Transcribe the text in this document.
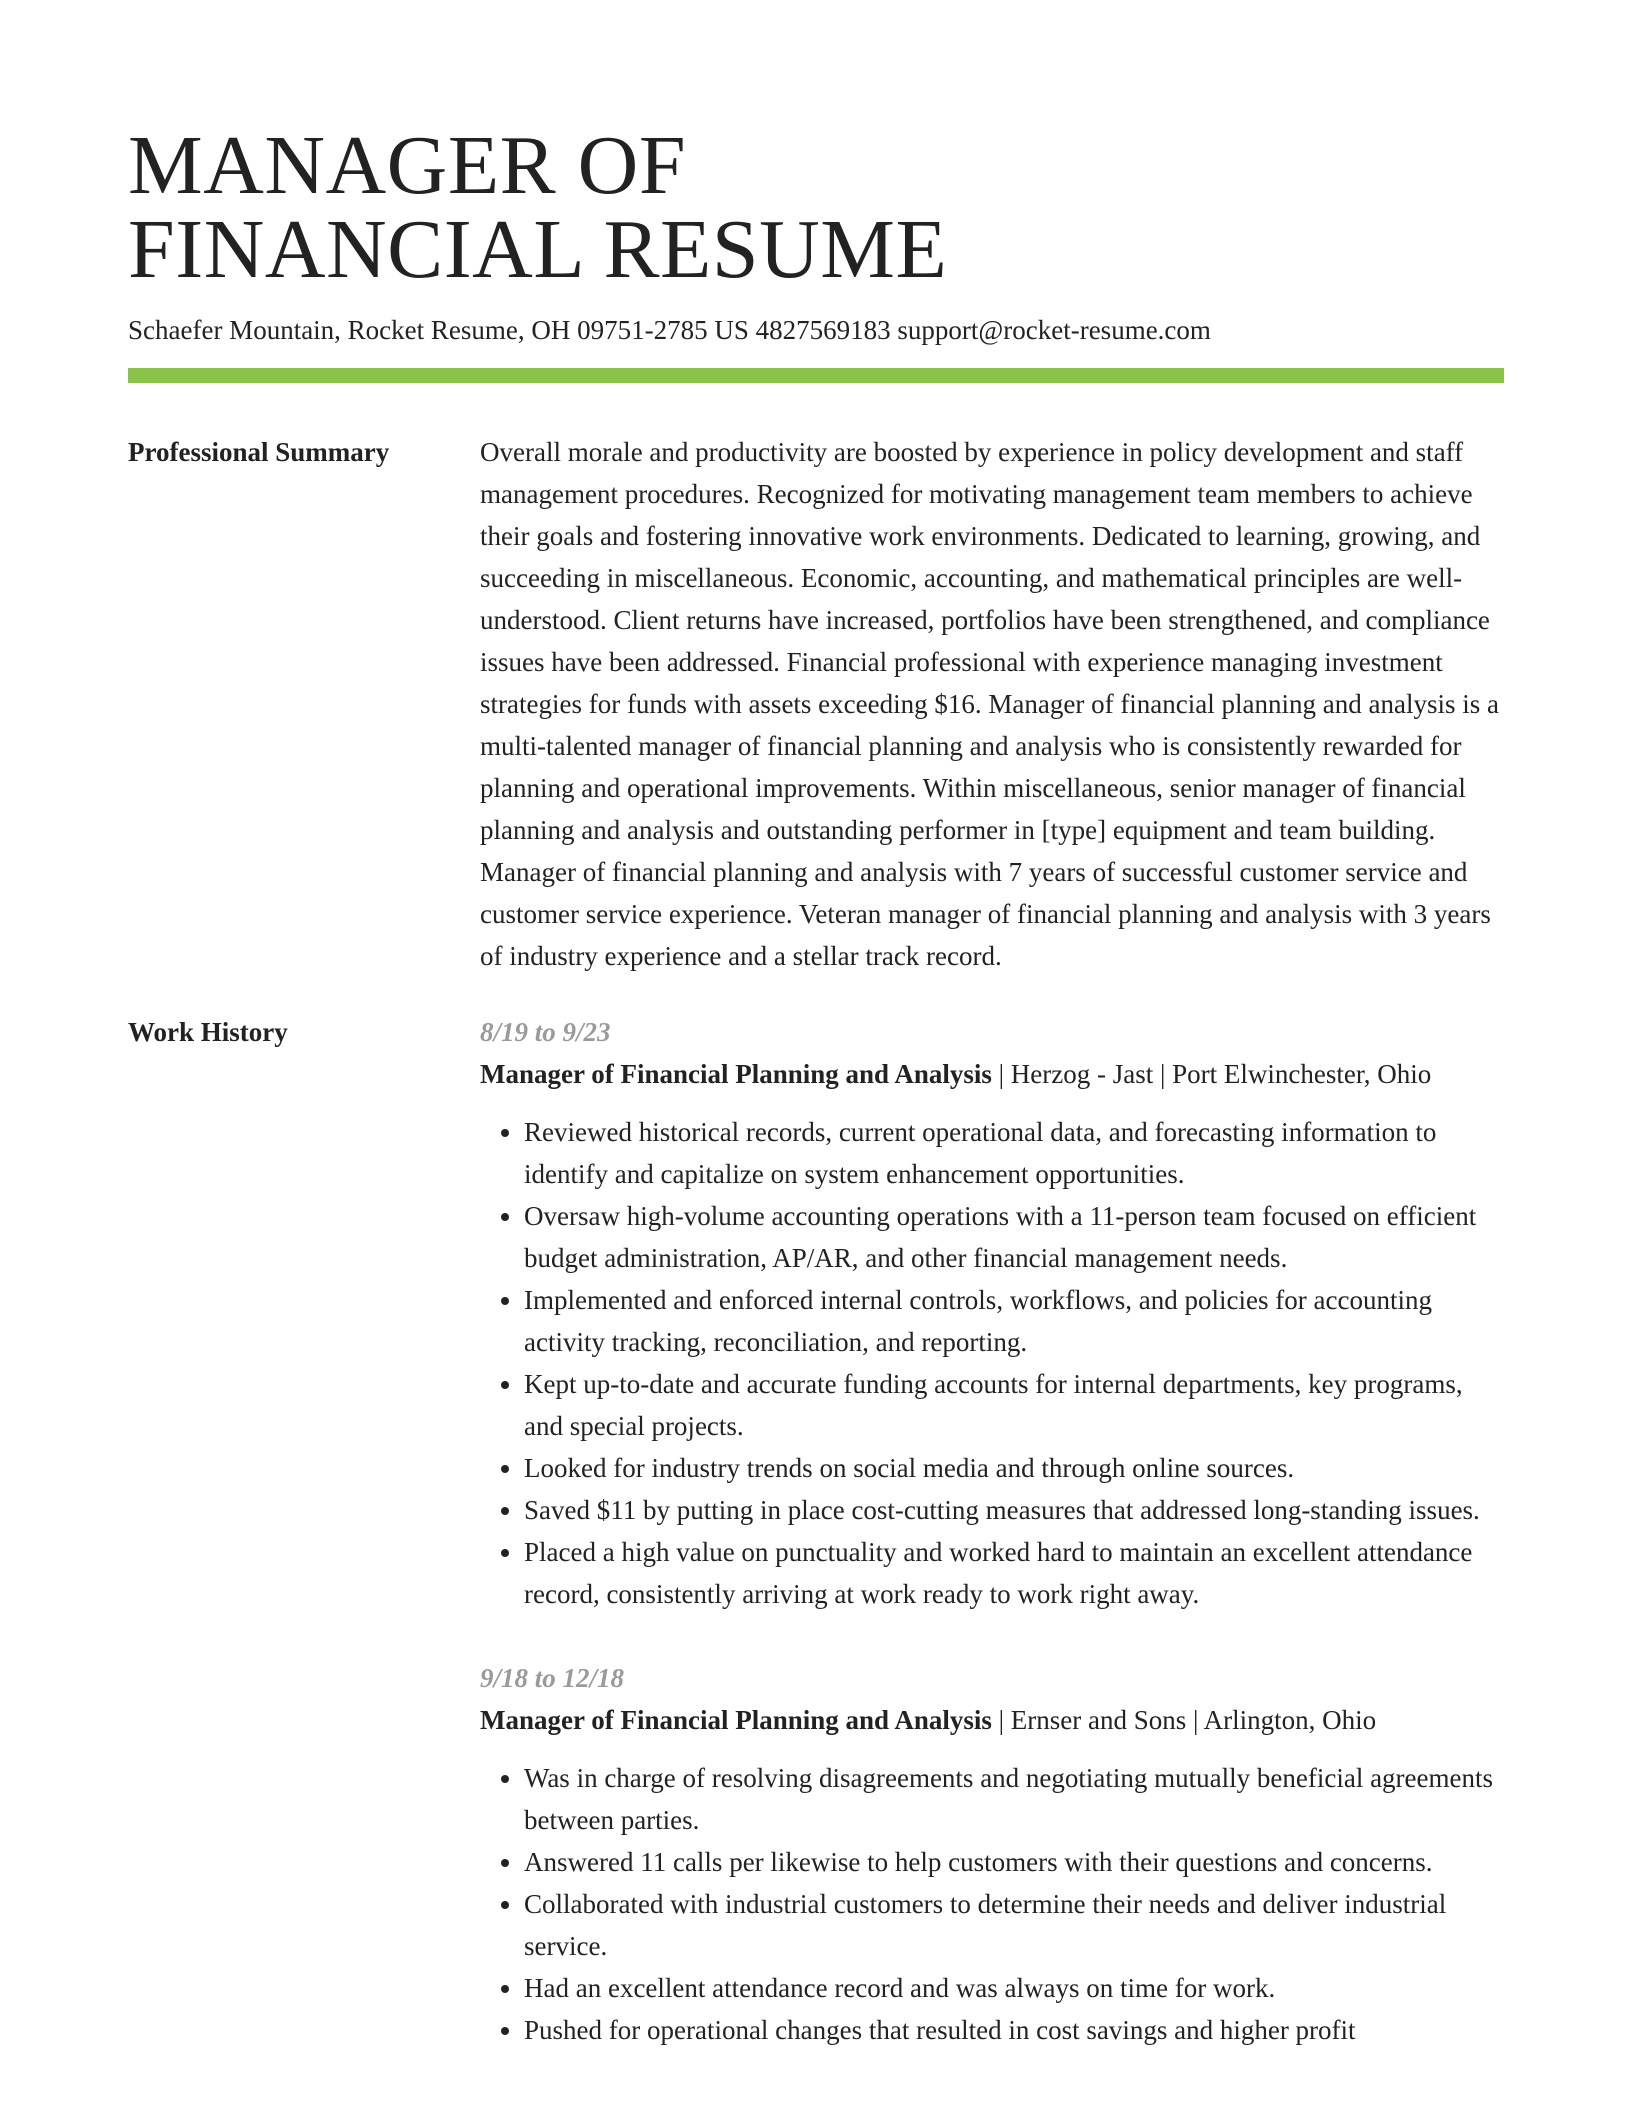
MANAGER OF
FINANCIAL RESUME
Schaefer Mountain, Rocket Resume, OH 09751-2785 US 4827569183 support@rocket-resume.com
Professional Summary	Overall morale and productivity are boosted by experience in policy development and staff management procedures. Recognized for motivating management team members to achieve their goals and fostering innovative work environments. Dedicated to learning, growing, and succeeding in miscellaneous. Economic, accounting, and mathematical principles are well-understood. Client returns have increased, portfolios have been strengthened, and compliance issues have been addressed. Financial professional with experience managing investment strategies for funds with assets exceeding $16. Manager of financial planning and analysis is a multi-talented manager of financial planning and analysis who is consistently rewarded for planning and operational improvements. Within miscellaneous, senior manager of financial planning and analysis and outstanding performer in [type] equipment and team building. Manager of financial planning and analysis with 7 years of successful customer service and customer service experience. Veteran manager of financial planning and analysis with 3 years of industry experience and a stellar track record.

Work History	8/19 to 9/23
Manager of Financial Planning and Analysis | Herzog - Jast | Port Elwinchester, Ohio
• Reviewed historical records, current operational data, and forecasting information to identify and capitalize on system enhancement opportunities.
• Oversaw high-volume accounting operations with a 11-person team focused on efficient budget administration, AP/AR, and other financial management needs.
• Implemented and enforced internal controls, workflows, and policies for accounting activity tracking, reconciliation, and reporting.
• Kept up-to-date and accurate funding accounts for internal departments, key programs, and special projects.
• Looked for industry trends on social media and through online sources.
• Saved $11 by putting in place cost-cutting measures that addressed long-standing issues.
• Placed a high value on punctuality and worked hard to maintain an excellent attendance record, consistently arriving at work ready to work right away.
9/18 to 12/18
Manager of Financial Planning and Analysis | Ernser and Sons | Arlington, Ohio
• Was in charge of resolving disagreements and negotiating mutually beneficial agreements between parties.
• Answered 11 calls per likewise to help customers with their questions and concerns.
• Collaborated with industrial customers to determine their needs and deliver industrial service.
• Had an excellent attendance record and was always on time for work.
• Pushed for operational changes that resulted in cost savings and higher profit
